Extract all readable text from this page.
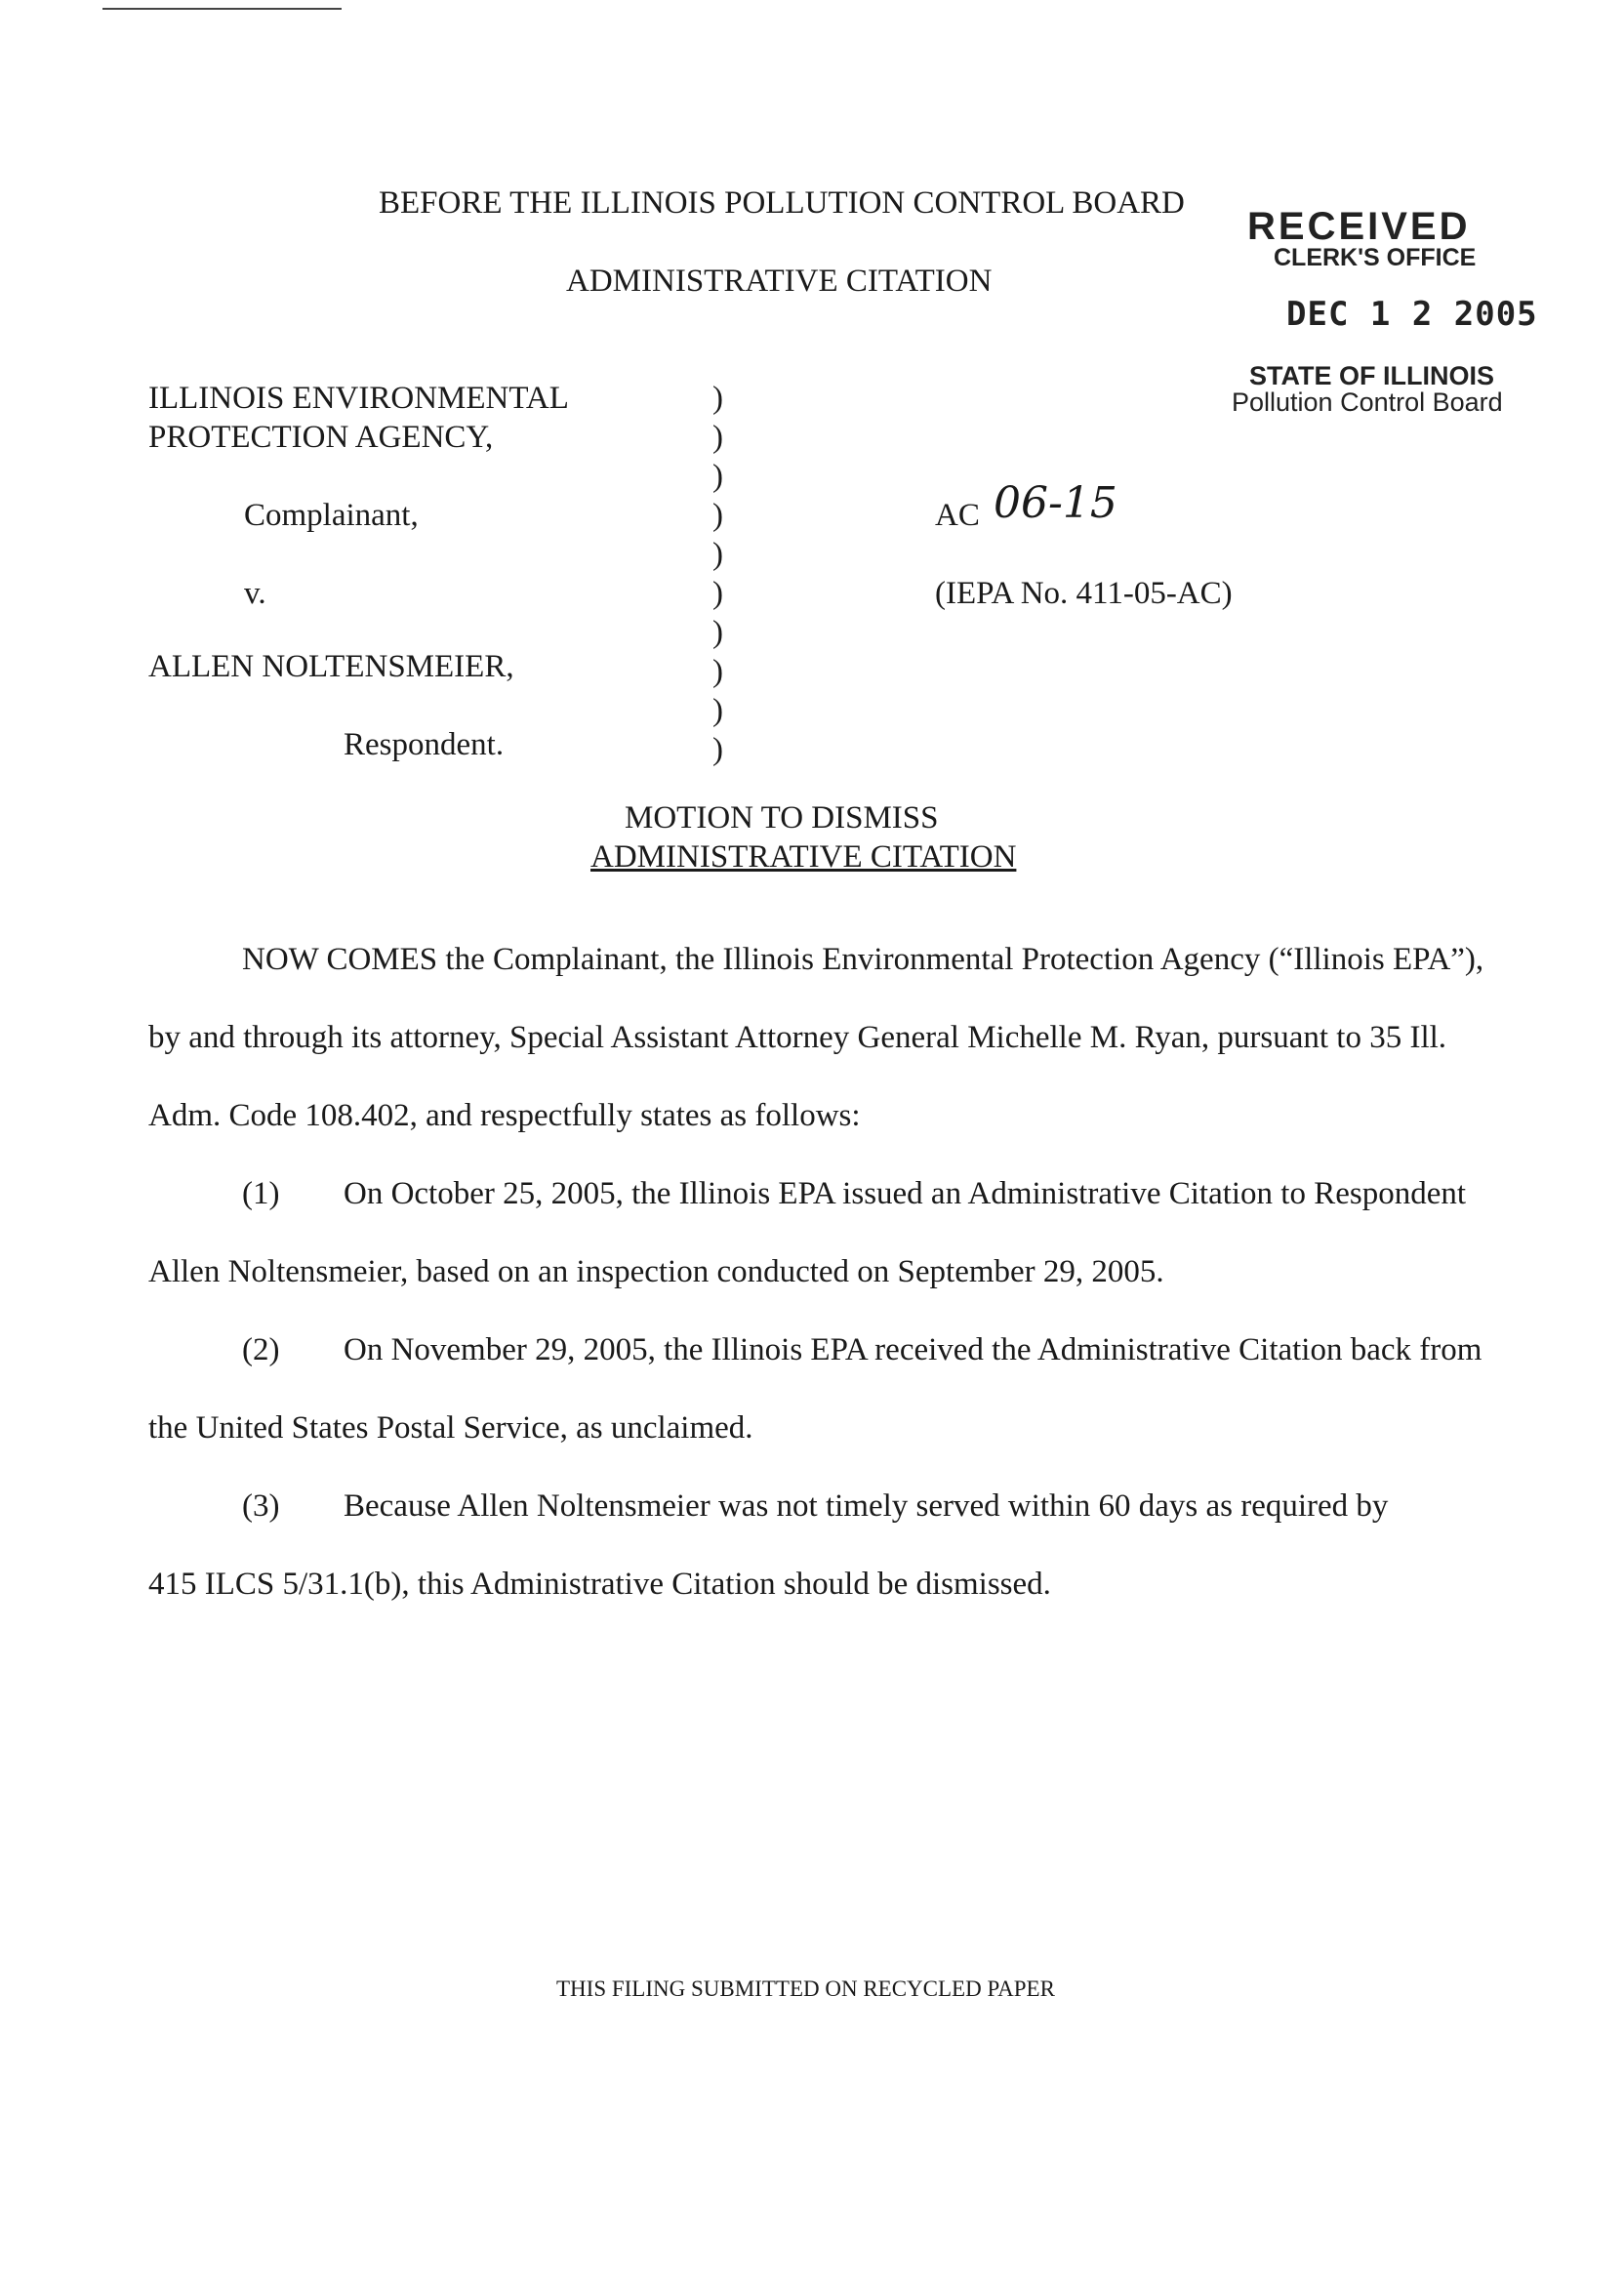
BEFORE THE ILLINOIS POLLUTION CONTROL BOARD
ADMINISTRATIVE CITATION
RECEIVED
CLERK'S OFFICE
DEC 1 2 2005
STATE OF ILLINOIS
Pollution Control Board
ILLINOIS ENVIRONMENTAL
PROTECTION AGENCY,
Complainant,
v.
ALLEN NOLTENSMEIER,
Respondent.
)
)
)
)
)
)
)
)
)
)
AC 06-15
(IEPA No. 411-05-AC)
MOTION TO DISMISS
ADMINISTRATIVE CITATION
NOW COMES the Complainant, the Illinois Environmental Protection Agency (“Illinois EPA”),
by and through its attorney, Special Assistant Attorney General Michelle M. Ryan, pursuant to 35 Ill.
Adm. Code 108.402, and respectfully states as follows:
(1) On October 25, 2005, the Illinois EPA issued an Administrative Citation to Respondent
Allen Noltensmeier, based on an inspection conducted on September 29, 2005.
(2) On November 29, 2005, the Illinois EPA received the Administrative Citation back from
the United States Postal Service, as unclaimed.
(3) Because Allen Noltensmeier was not timely served within 60 days as required by
415 ILCS 5/31.1(b), this Administrative Citation should be dismissed.
THIS FILING SUBMITTED ON RECYCLED PAPER
